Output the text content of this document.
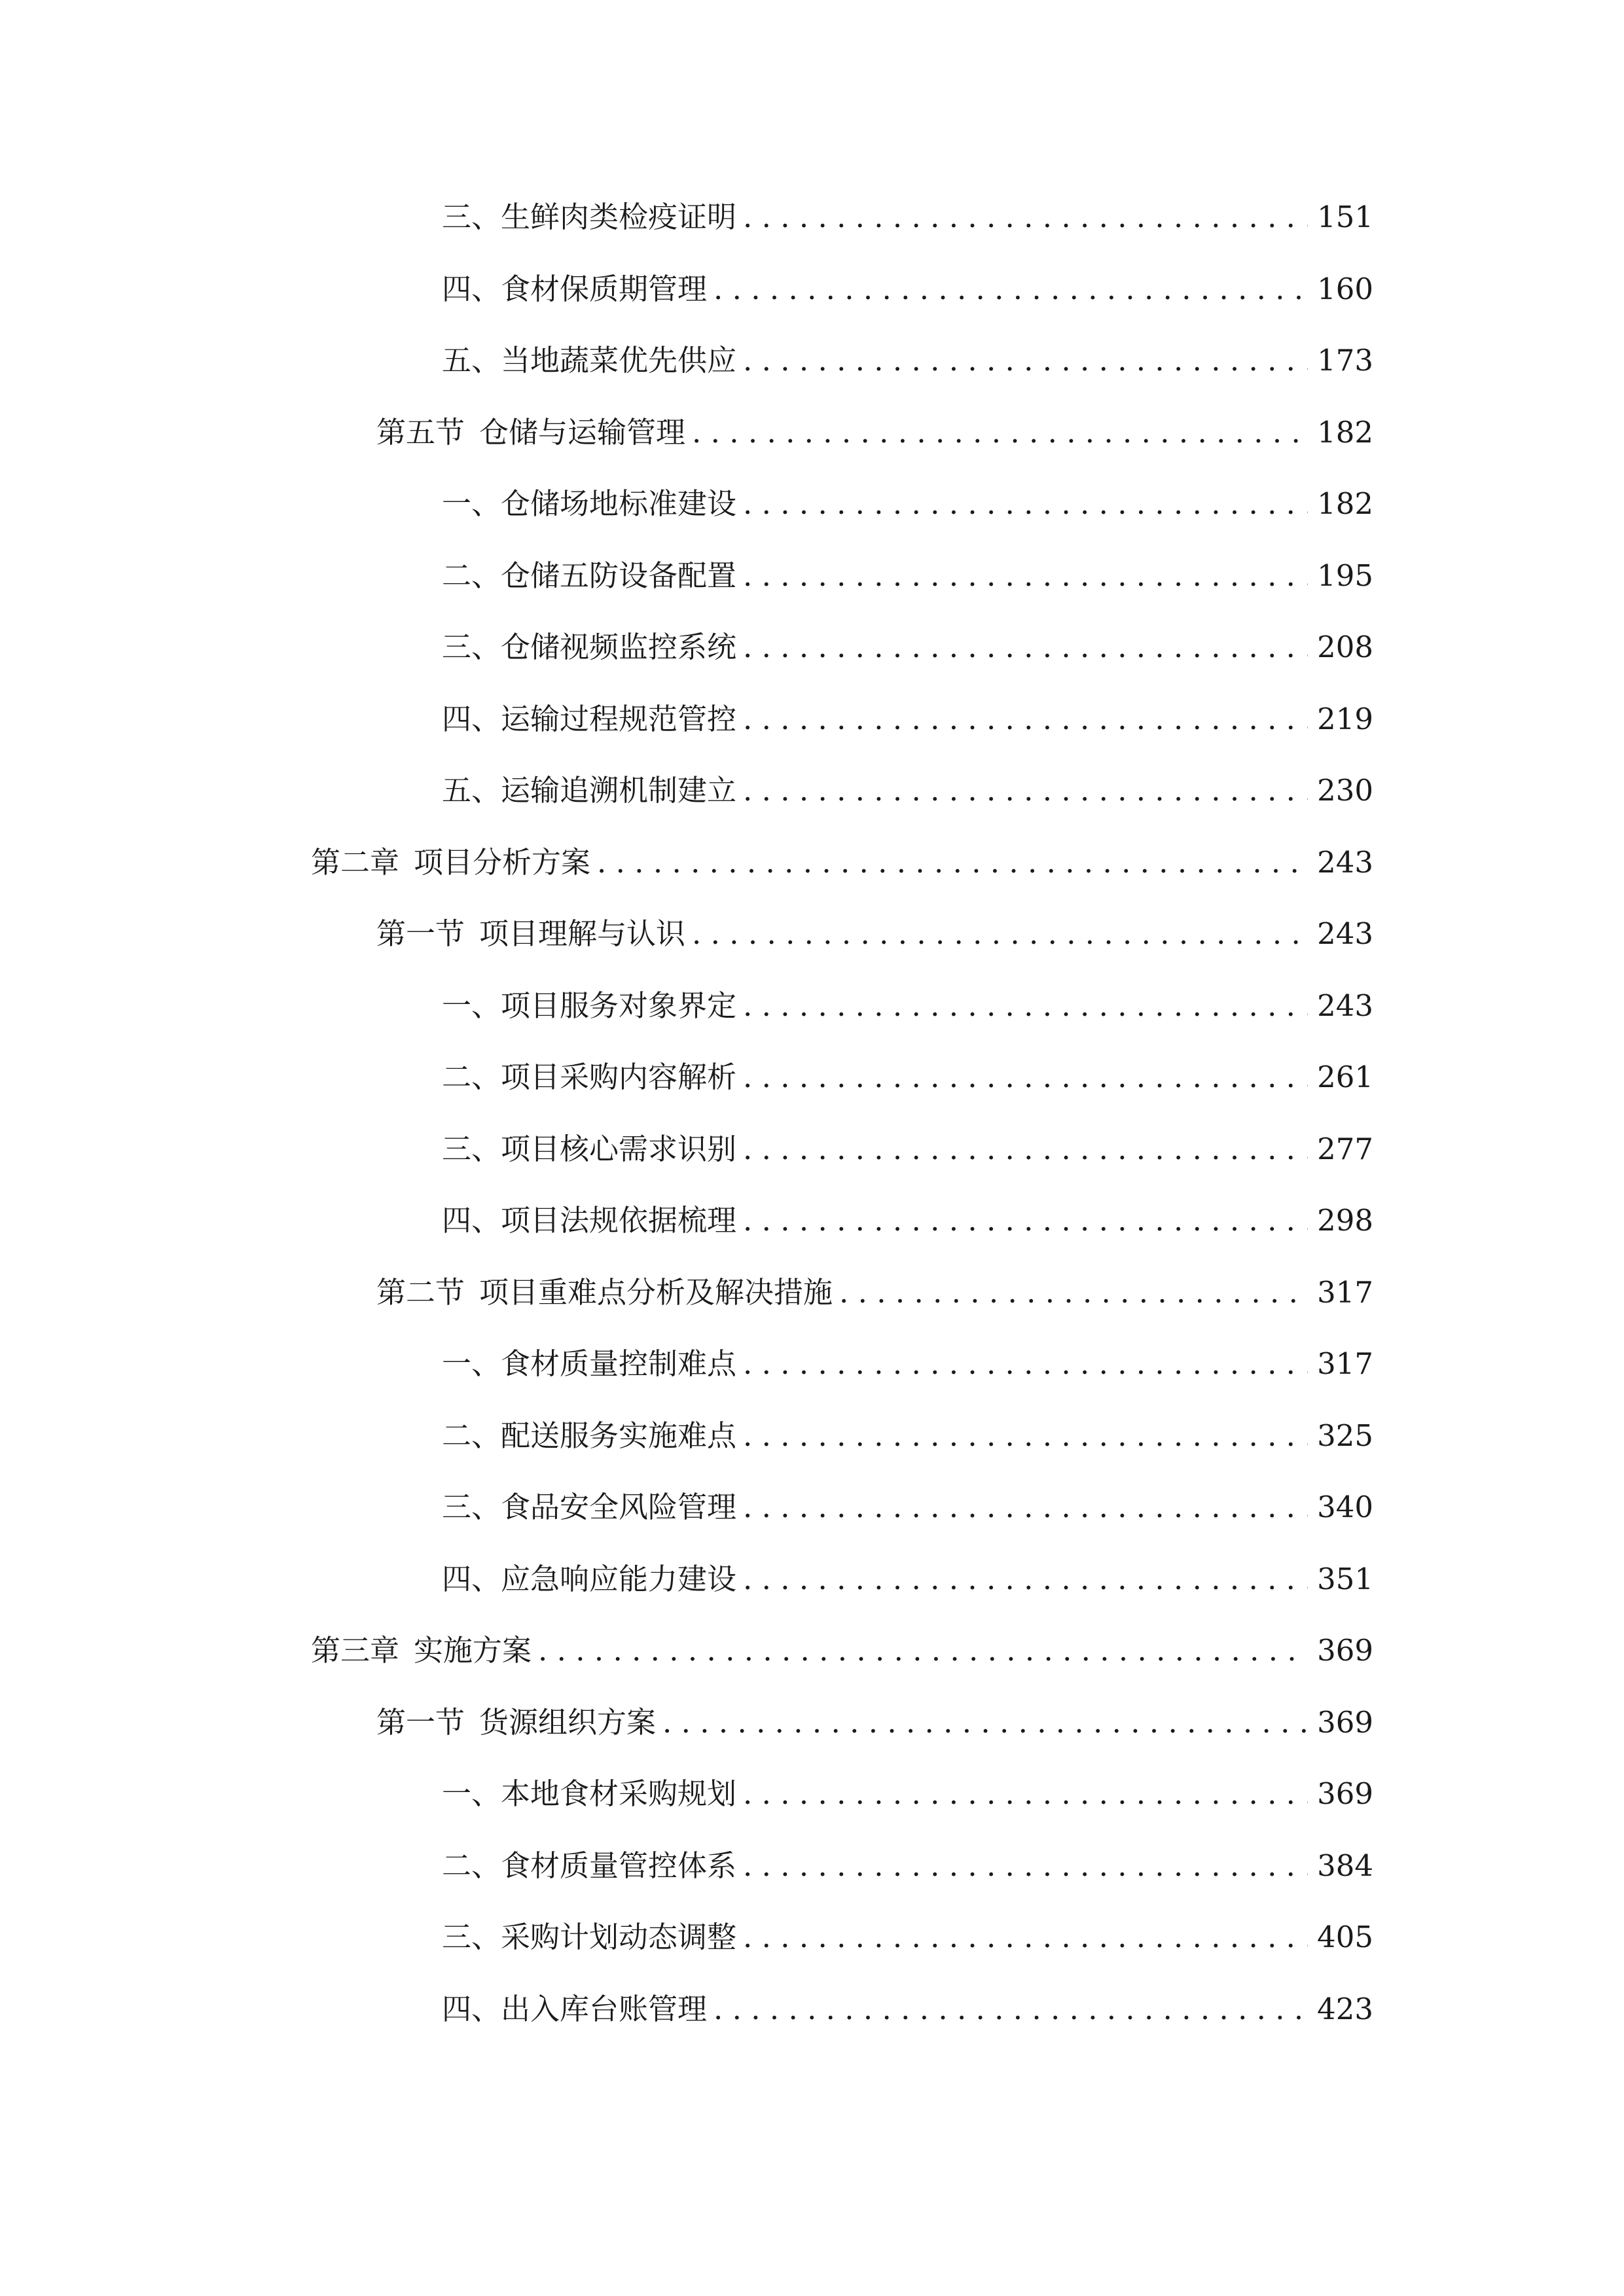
三、 生鲜肉类检疫证明 . . .	151
四、 食材保质期管理 . . .	160
五、 当地蔬菜优先供应 . . .	173
第五节 仓储与运输管理 . . .	182
一、 仓储场地标准建设 . . .	182
二、 仓储五防设备配置 . . .	195
三、 仓储视频监控系统 . . .	208
四、 运输过程规范管控 . . .	219
五、 运输追溯机制建立 . . .	230
第二章 项目分析方案 . . .	243
第一节 项目理解与认识 . . .	243
一、 项目服务对象界定 . . .	243
二、 项目采购内容解析 . . .	261
三、 项目核心需求识别 . . .	277
四、 项目法规依据梳理 . . .	298
第二节 项目重难点分析及解决措施 . . .	317
一、 食材质量控制难点 . . .	317
二、 配送服务实施难点 . . .	325
三、 食品安全风险管理 . . .	340
四、 应急响应能力建设 . . .	351
第三章 实施方案 . . .	369
第一节 货源组织方案 . . .	369
一、 本地食材采购规划 . . .	369
二、 食材质量管控体系 . . .	384
三、 采购计划动态调整 . . .	405
四、 出入库台账管理 . . .	423
